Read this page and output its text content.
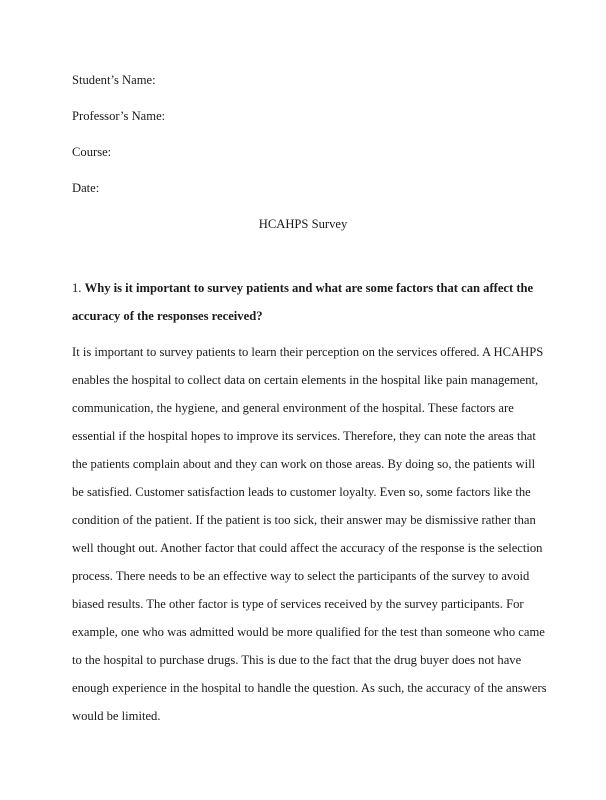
Student’s Name:
Professor’s Name:
Course:
Date:
HCAHPS Survey
1. Why is it important to survey patients and what are some factors that can affect the
accuracy of the responses received?
It is important to survey patients to learn their perception on the services offered. A HCAHPS
enables the hospital to collect data on certain elements in the hospital like pain management,
communication, the hygiene, and general environment of the hospital. These factors are
essential if the hospital hopes to improve its services. Therefore, they can note the areas that
the patients complain about and they can work on those areas. By doing so, the patients will
be satisfied. Customer satisfaction leads to customer loyalty. Even so, some factors like the
condition of the patient. If the patient is too sick, their answer may be dismissive rather than
well thought out. Another factor that could affect the accuracy of the response is the selection
process. There needs to be an effective way to select the participants of the survey to avoid
biased results. The other factor is type of services received by the survey participants. For
example, one who was admitted would be more qualified for the test than someone who came
to the hospital to purchase drugs. This is due to the fact that the drug buyer does not have
enough experience in the hospital to handle the question. As such, the accuracy of the answers
would be limited.
